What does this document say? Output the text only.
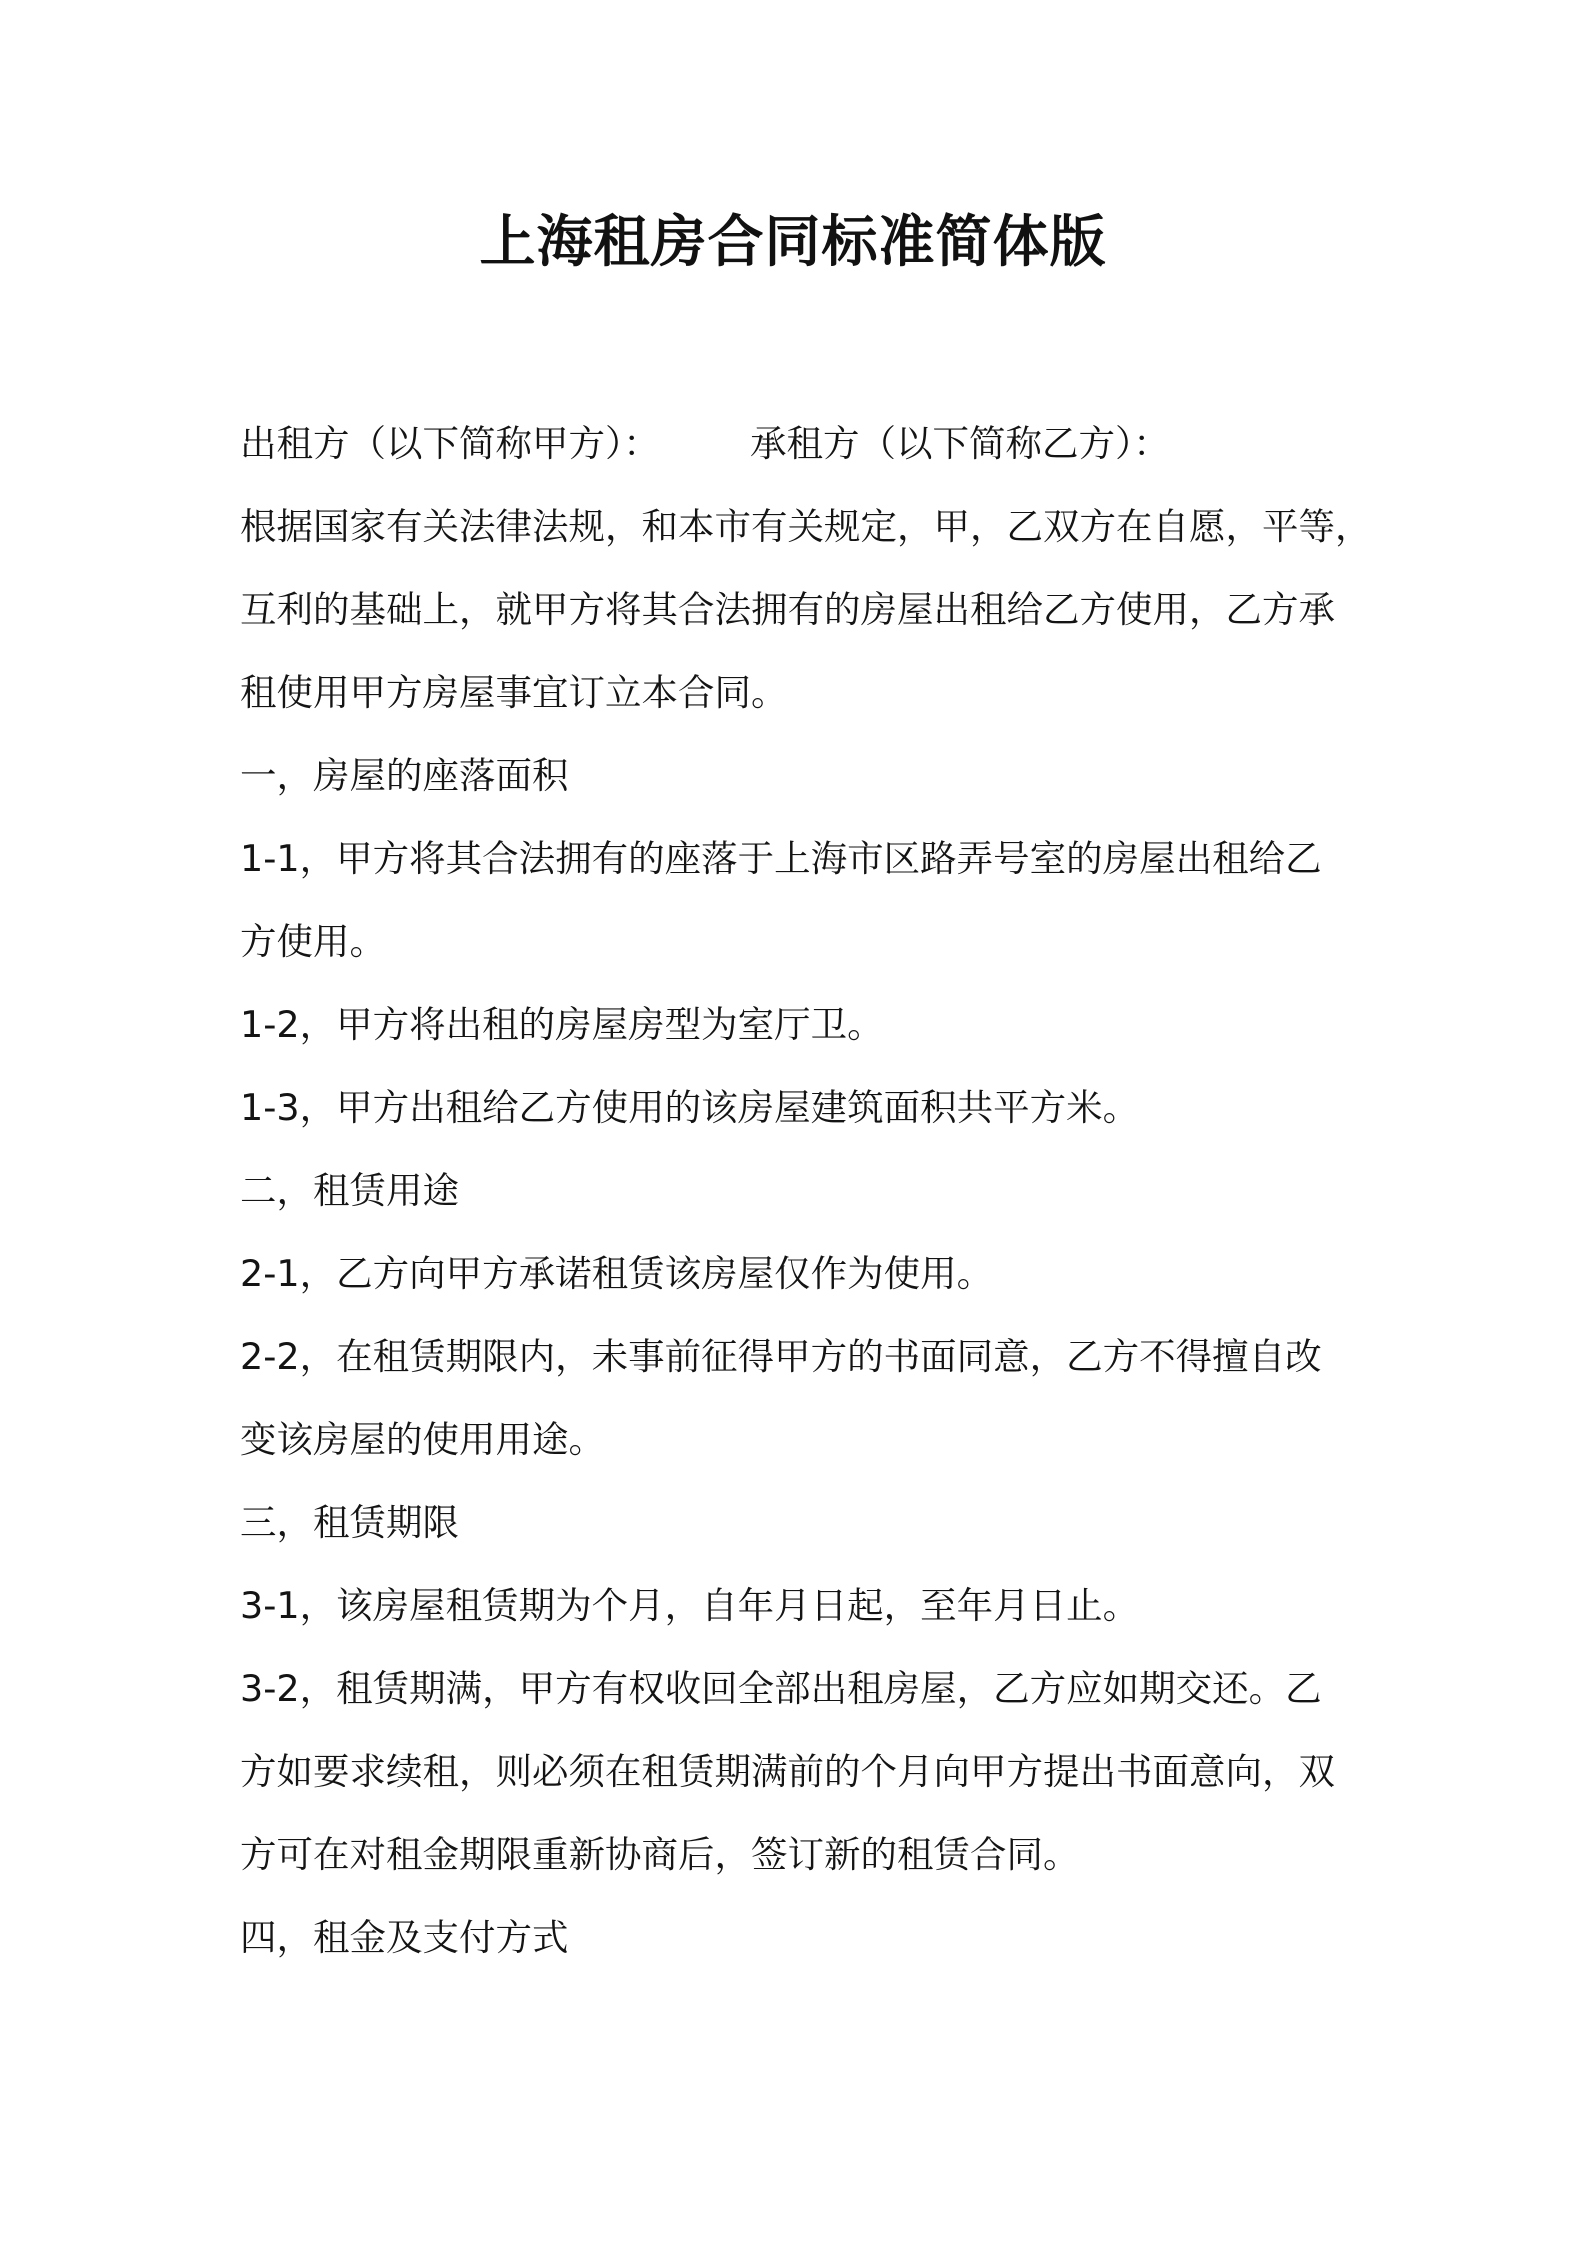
上海租房合同标准简体版
出租方（以下简称甲方）： 承租方（以下简称乙方）：
根据国家有关法律法规，和本市有关规定，甲，乙双方在自愿，平等，
互利的基础上，就甲方将其合法拥有的房屋出租给乙方使用，乙方承
租使用甲方房屋事宜订立本合同。
一，房屋的座落面积
1-1，甲方将其合法拥有的座落于上海市区路弄号室的房屋出租给乙
方使用。
1-2，甲方将出租的房屋房型为室厅卫。
1-3，甲方出租给乙方使用的该房屋建筑面积共平方米。
二，租赁用途
2-1，乙方向甲方承诺租赁该房屋仅作为使用。
2-2，在租赁期限内，未事前征得甲方的书面同意，乙方不得擅自改
变该房屋的使用用途。
三，租赁期限
3-1，该房屋租赁期为个月，自年月日起，至年月日止。
3-2，租赁期满，甲方有权收回全部出租房屋，乙方应如期交还。乙
方如要求续租，则必须在租赁期满前的个月向甲方提出书面意向，双
方可在对租金期限重新协商后，签订新的租赁合同。
四，租金及支付方式
